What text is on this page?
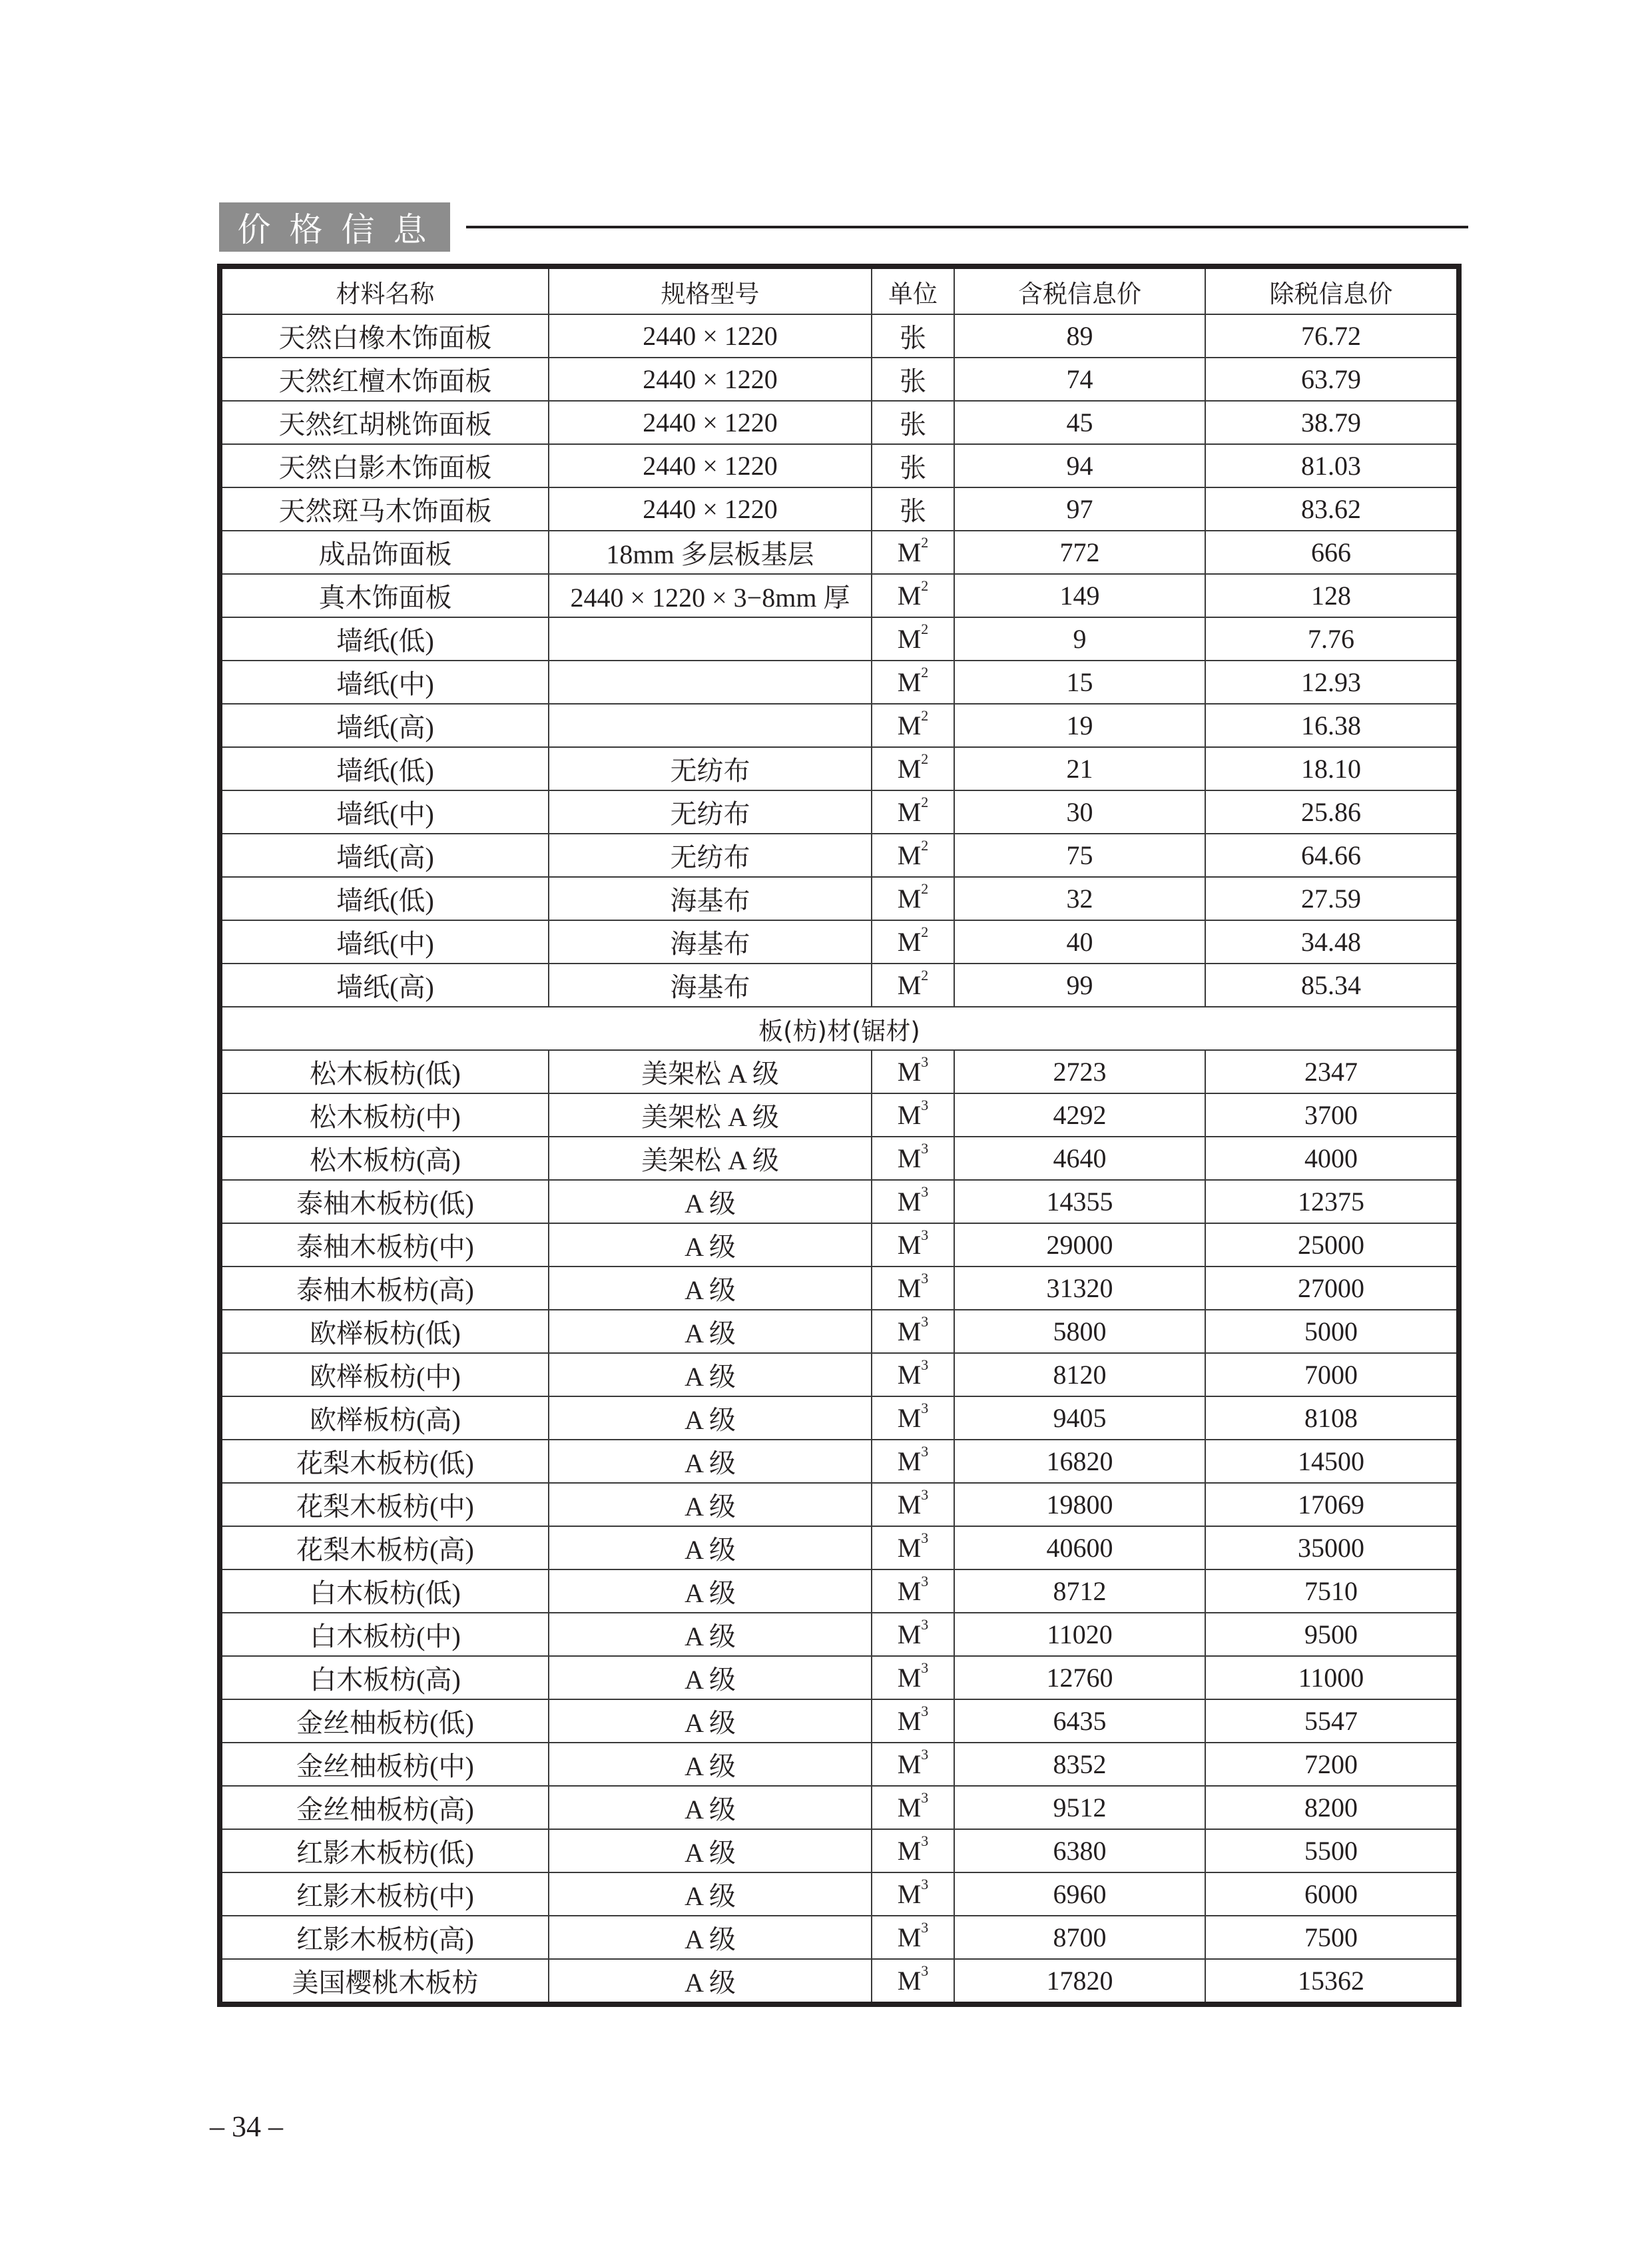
价格信息
材料名称	规格型号	单位	含税信息价	除税信息价
天然白橡木饰面板	2440 × 1220	张	89	76.72
天然红檀木饰面板	2440 × 1220	张	74	63.79
天然红胡桃饰面板	2440 × 1220	张	45	38.79
天然白影木饰面板	2440 × 1220	张	94	81.03
天然斑马木饰面板	2440 × 1220	张	97	83.62
成品饰面板	18mm 多层板基层	$M^2$	772	666
真木饰面板	2440 × 1220 × 3−8mm 厚	$M^2$	149	128
墙纸(低)		$M^2$	9	7.76
墙纸(中)		$M^2$	15	12.93
墙纸(高)		$M^2$	19	16.38
墙纸(低)	无纺布	$M^2$	21	18.10
墙纸(中)	无纺布	$M^2$	30	25.86
墙纸(高)	无纺布	$M^2$	75	64.66
墙纸(低)	海基布	$M^2$	32	27.59
墙纸(中)	海基布	$M^2$	40	34.48
墙纸(高)	海基布	$M^2$	99	85.34
板(枋)材(锯材)				
松木板枋(低)	美架松 A 级	$M^3$	2723	2347
松木板枋(中)	美架松 A 级	$M^3$	4292	3700
松木板枋(高)	美架松 A 级	$M^3$	4640	4000
泰柚木板枋(低)	A 级	$M^3$	14355	12375
泰柚木板枋(中)	A 级	$M^3$	29000	25000
泰柚木板枋(高)	A 级	$M^3$	31320	27000
欧榉板枋(低)	A 级	$M^3$	5800	5000
欧榉板枋(中)	A 级	$M^3$	8120	7000
欧榉板枋(高)	A 级	$M^3$	9405	8108
花梨木板枋(低)	A 级	$M^3$	16820	14500
花梨木板枋(中)	A 级	$M^3$	19800	17069
花梨木板枋(高)	A 级	$M^3$	40600	35000
白木板枋(低)	A 级	$M^3$	8712	7510
白木板枋(中)	A 级	$M^3$	11020	9500
白木板枋(高)	A 级	$M^3$	12760	11000
金丝柚板枋(低)	A 级	$M^3$	6435	5547
金丝柚板枋(中)	A 级	$M^3$	8352	7200
金丝柚板枋(高)	A 级	$M^3$	9512	8200
红影木板枋(低)	A 级	$M^3$	6380	5500
红影木板枋(中)	A 级	$M^3$	6960	6000
红影木板枋(高)	A 级	$M^3$	8700	7500
美国樱桃木板枋	A 级	$M^3$	17820	15362
– 34 –
